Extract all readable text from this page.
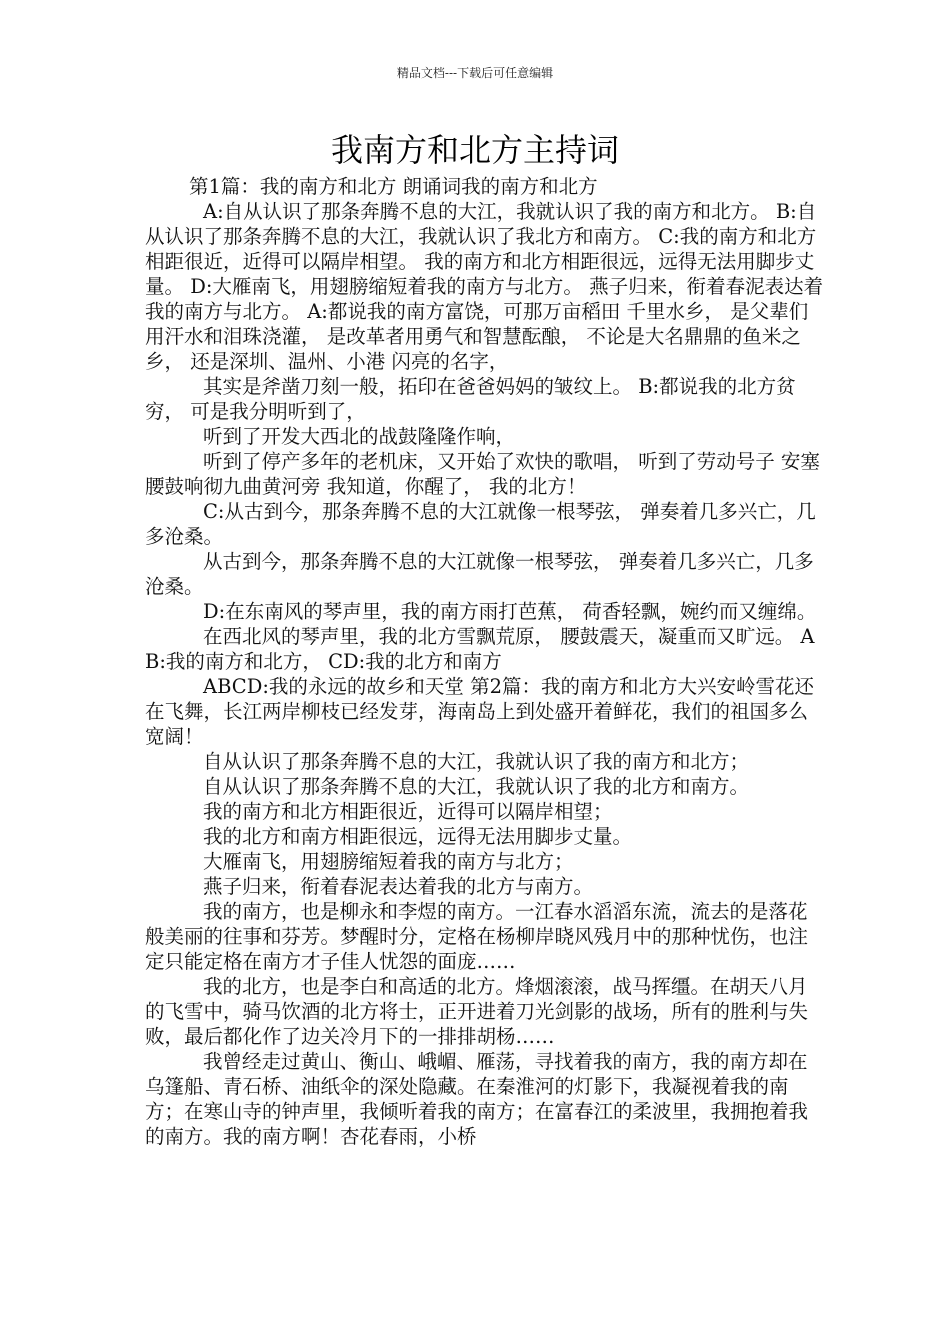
精品文档---下载后可任意编辑
我南方和北方主持词

第1篇：我的南方和北方 朗诵词我的南方和北方

A:自从认识了那条奔腾不息的大江，我就认识了我的南方和北方。 B:自从认识了那条奔腾不息的大江，我就认识了我北方和南方。 C:我的南方和北方相距很近，近得可以隔岸相望。 我的南方和北方相距很远，远得无法用脚步丈量。 D:大雁南飞，用翅膀缩短着我的南方与北方。 燕子归来，衔着春泥表达着我的南方与北方。 A:都说我的南方富饶，可那万亩稻田 千里水乡， 是父辈们用汗水和泪珠浇灌， 是改革者用勇气和智慧酝酿， 不论是大名鼎鼎的鱼米之乡， 还是深圳、温州、小港 闪亮的名字，

其实是斧凿刀刻一般，拓印在爸爸妈妈的皱纹上。 B:都说我的北方贫穷， 可是我分明听到了，

听到了开发大西北的战鼓隆隆作响，

听到了停产多年的老机床，又开始了欢快的歌唱， 听到了劳动号子 安塞腰鼓响彻九曲黄河旁 我知道，你醒了， 我的北方！

C:从古到今，那条奔腾不息的大江就像一根琴弦， 弹奏着几多兴亡，几多沧桑。

从古到今，那条奔腾不息的大江就像一根琴弦， 弹奏着几多兴亡，几多沧桑。

D:在东南风的琴声里，我的南方雨打芭蕉， 荷香轻飘，婉约而又缠绵。

在西北风的琴声里，我的北方雪飘荒原， 腰鼓震天，凝重而又旷远。 AB:我的南方和北方， CD:我的北方和南方

ABCD:我的永远的故乡和天堂 第2篇：我的南方和北方大兴安岭雪花还在飞舞，长江两岸柳枝已经发芽，海南岛上到处盛开着鲜花，我们的祖国多么宽阔！

自从认识了那条奔腾不息的大江，我就认识了我的南方和北方；

自从认识了那条奔腾不息的大江，我就认识了我的北方和南方。

我的南方和北方相距很近，近得可以隔岸相望；

我的北方和南方相距很远，远得无法用脚步丈量。

大雁南飞，用翅膀缩短着我的南方与北方；

燕子归来，衔着春泥表达着我的北方与南方。

我的南方，也是柳永和李煜的南方。一江春水滔滔东流，流去的是落花般美丽的往事和芬芳。梦醒时分，定格在杨柳岸晓风残月中的那种忧伤，也注定只能定格在南方才子佳人忧怨的面庞……

我的北方，也是李白和高适的北方。烽烟滚滚，战马挥缰。在胡天八月的飞雪中，骑马饮酒的北方将士，正开进着刀光剑影的战场，所有的胜利与失败，最后都化作了边关冷月下的一排排胡杨……

我曾经走过黄山、衡山、峨嵋、雁荡，寻找着我的南方，我的南方却在乌篷船、青石桥、油纸伞的深处隐藏。在秦淮河的灯影下，我凝视着我的南方；在寒山寺的钟声里，我倾听着我的南方；在富春江的柔波里，我拥抱着我的南方。我的南方啊！杏花春雨，小桥
